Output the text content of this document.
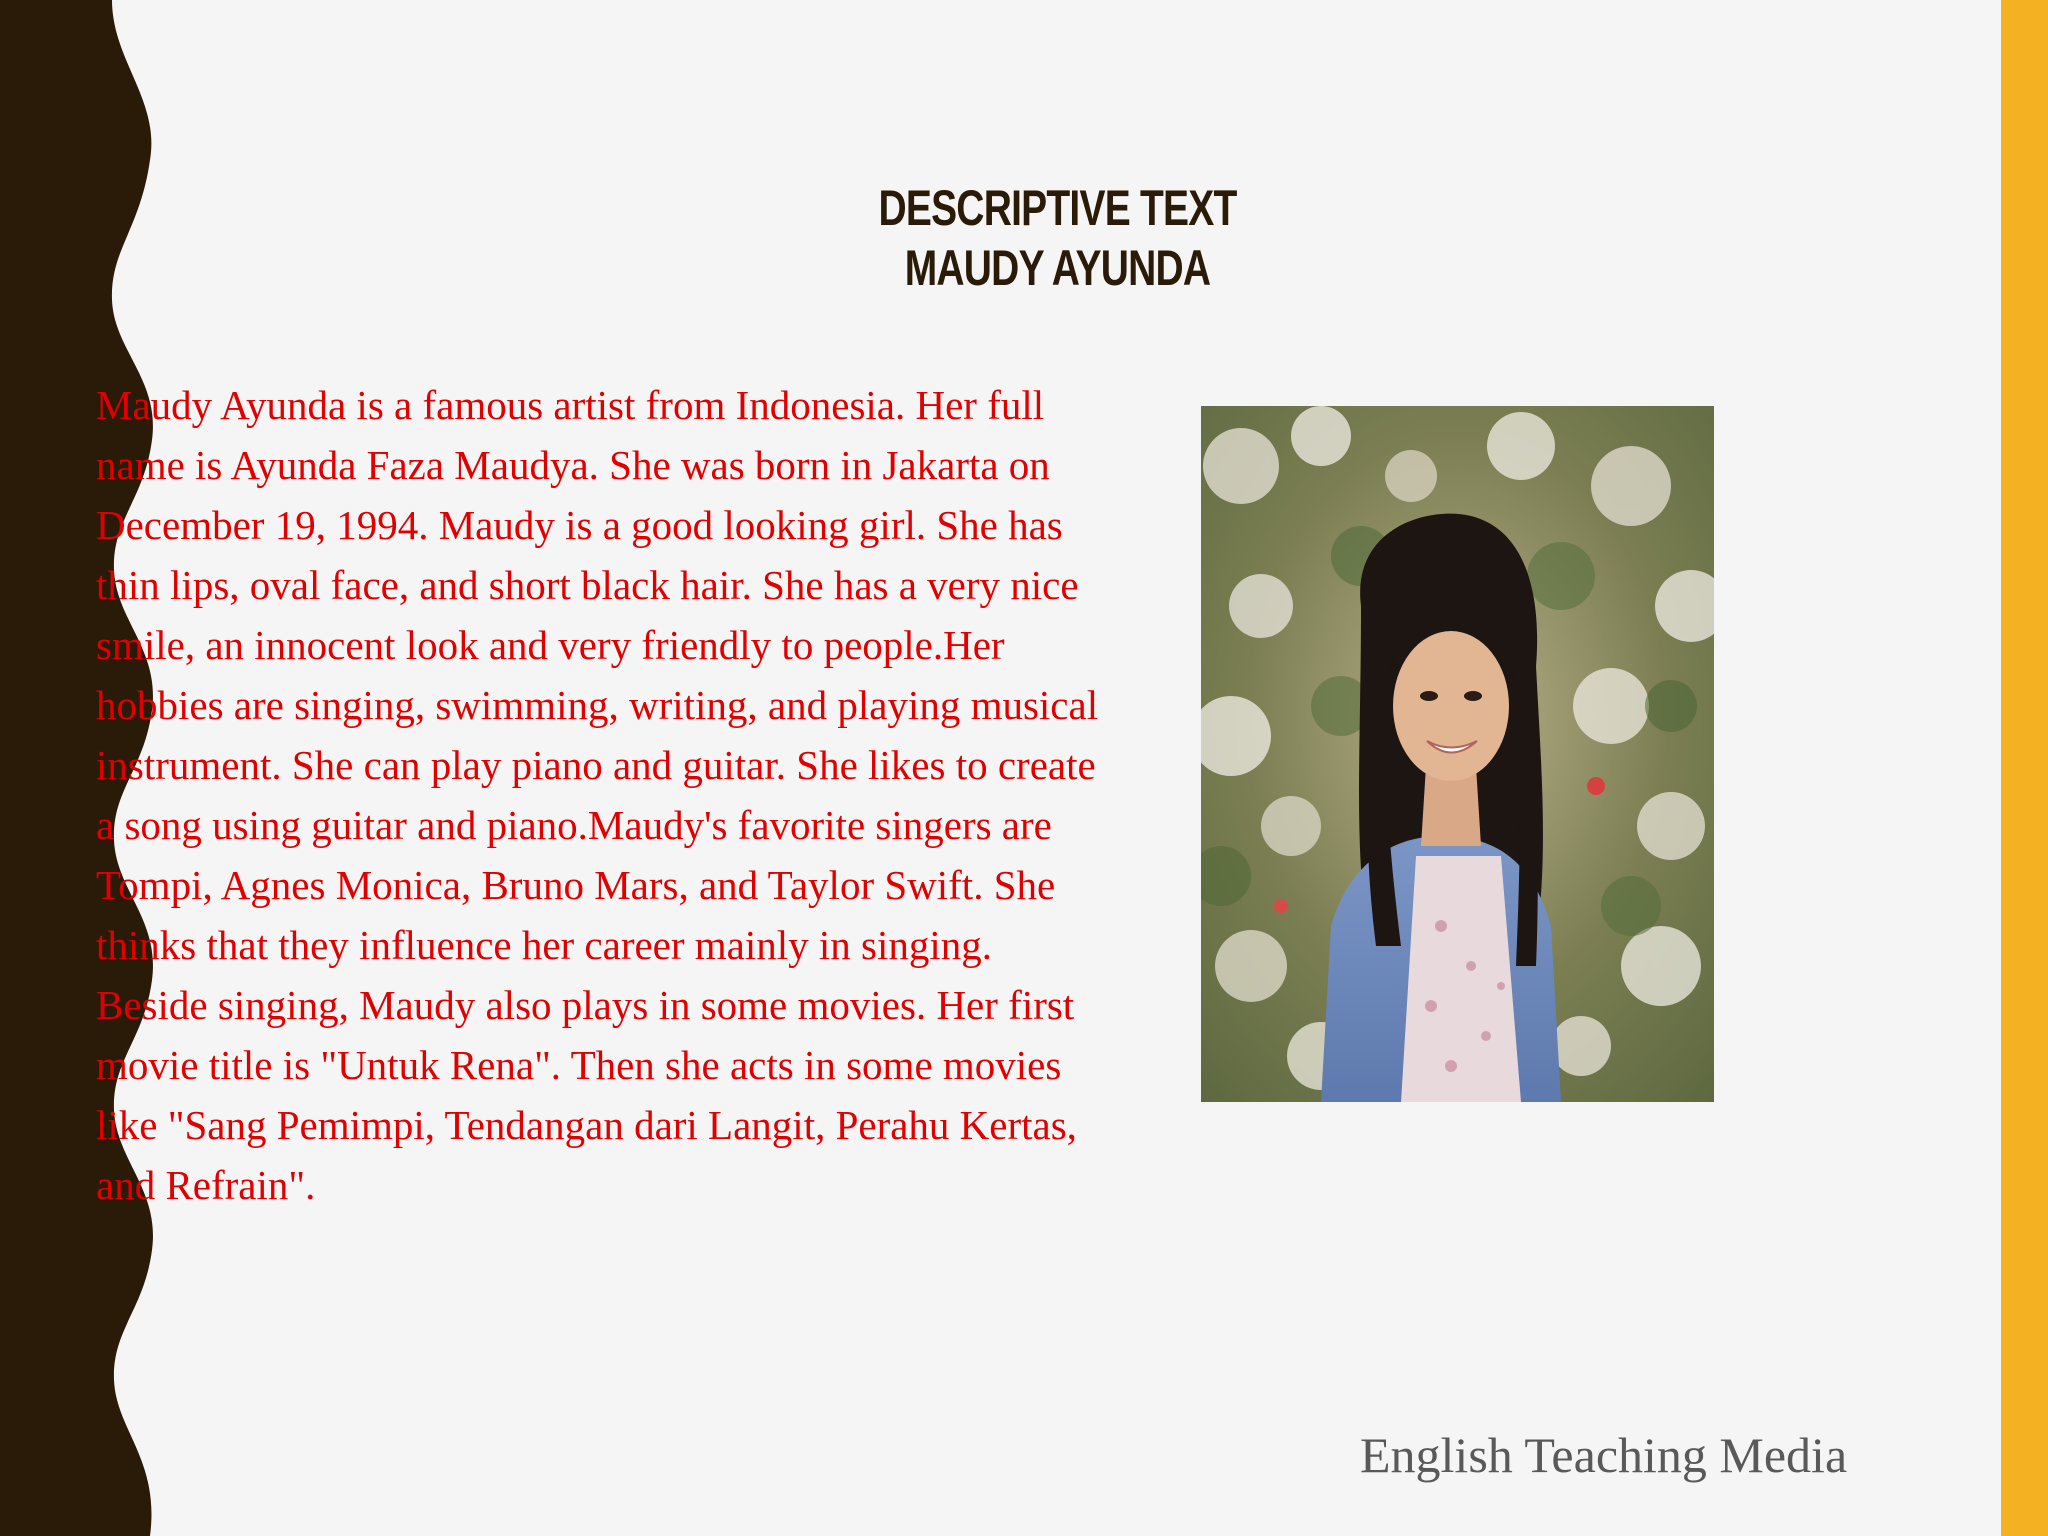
DESCRIPTIVE TEXT
MAUDY AYUNDA
Maudy Ayunda is a famous artist from Indonesia. Her full
name is Ayunda Faza Maudya. She was born in Jakarta on
December 19, 1994. Maudy is a good looking girl. She has
thin lips, oval face, and short black hair. She has a very nice
smile, an innocent look and very friendly to people.Her
hobbies are singing, swimming, writing, and playing musical
instrument. She can play piano and guitar. She likes to create
a song using guitar and piano.Maudy's favorite singers are
Tompi, Agnes Monica, Bruno Mars, and Taylor Swift. She
thinks that they influence her career mainly in singing.
Beside singing, Maudy also plays in some movies. Her first
movie title is "Untuk Rena". Then she acts in some movies
like "Sang Pemimpi, Tendangan dari Langit, Perahu Kertas,
and Refrain".
English Teaching Media
